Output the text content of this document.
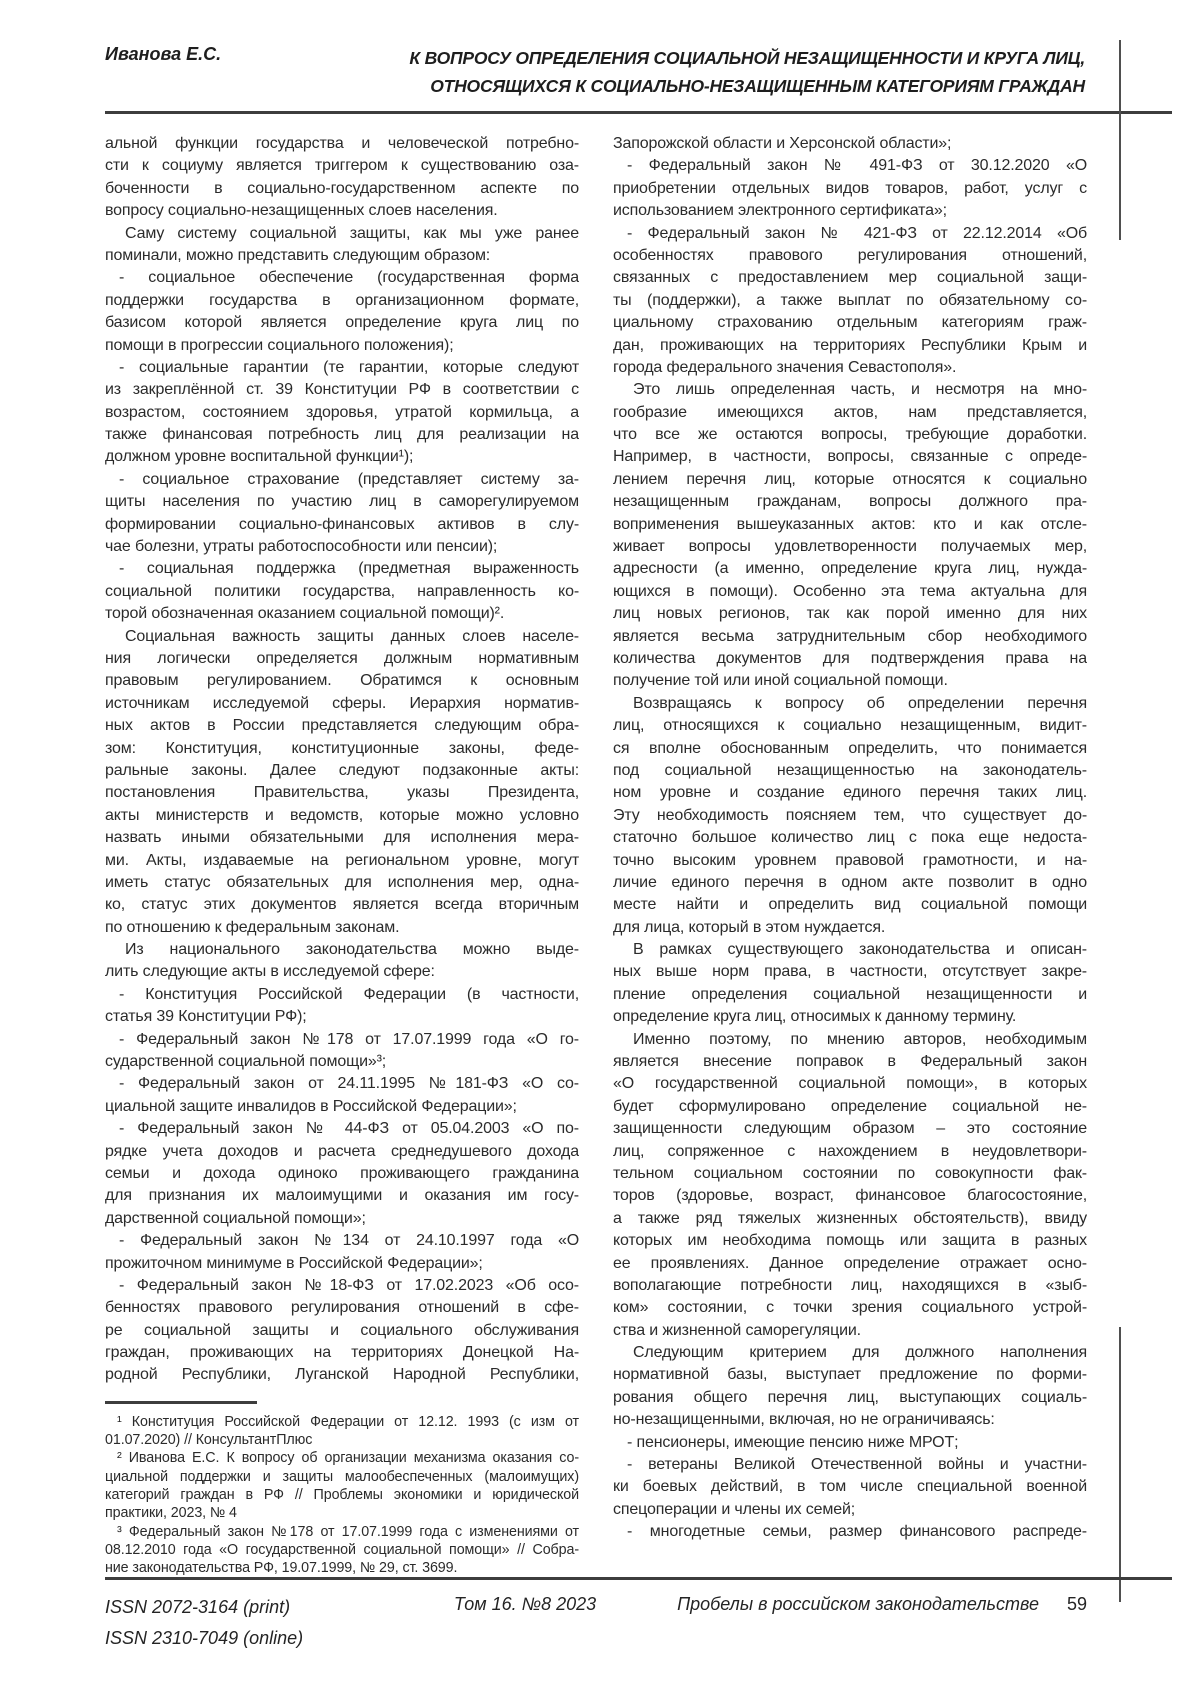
Иванова Е.С.	К ВОПРОСУ ОПРЕДЕЛЕНИЯ СОЦИАЛЬНОЙ НЕЗАЩИЩЕННОСТИ И КРУГА ЛИЦ,
ОТНОСЯЩИХСЯ К СОЦИАЛЬНО-НЕЗАЩИЩЕННЫМ КАТЕГОРИЯМ ГРАЖДАН
альной функции государства и человеческой потребно-
сти к социуму является триггером к существованию оза-
боченности в социально-государственном аспекте по
вопросу социально-незащищенных слоев населения.
Саму систему социальной защиты, как мы уже ранее
поминали, можно представить следующим образом:
- социальное обеспечение (государственная форма
поддержки государства в организационном формате,
базисом которой является определение круга лиц по
помощи в прогрессии социального положения);
- социальные гарантии (те гарантии, которые следуют
из закреплённой ст. 39 Конституции РФ в соответствии с
возрастом, состоянием здоровья, утратой кормильца, а
также финансовая потребность лиц для реализации на
должном уровне воспитальной функции¹);
- социальное страхование (представляет систему за-
щиты населения по участию лиц в саморегулируемом
формировании социально-финансовых активов в слу-
чае болезни, утраты работоспособности или пенсии);
- социальная поддержка (предметная выраженность
социальной политики государства, направленность ко-
торой обозначенная оказанием социальной помощи)².
Социальная важность защиты данных слоев населе-
ния логически определяется должным нормативным
правовым регулированием. Обратимся к основным
источникам исследуемой сферы. Иерархия норматив-
ных актов в России представляется следующим обра-
зом: Конституция, конституционные законы, феде-
ральные законы. Далее следуют подзаконные акты:
постановления Правительства, указы Президента,
акты министерств и ведомств, которые можно условно
назвать иными обязательными для исполнения мера-
ми. Акты, издаваемые на региональном уровне, могут
иметь статус обязательных для исполнения мер, одна-
ко, статус этих документов является всегда вторичным
по отношению к федеральным законам.
Из национального законодательства можно выде-
лить следующие акты в исследуемой сфере:
- Конституция Российской Федерации (в частности,
статья 39 Конституции РФ);
- Федеральный закон №178 от 17.07.1999 года «О го-
сударственной социальной помощи»³;
- Федеральный закон от 24.11.1995 №181-ФЗ «О со-
циальной защите инвалидов в Российской Федерации»;
- Федеральный закон № 44-ФЗ от 05.04.2003 «О по-
рядке учета доходов и расчета среднедушевого дохода
семьи и дохода одиноко проживающего гражданина
для признания их малоимущими и оказания им госу-
дарственной социальной помощи»;
- Федеральный закон №134 от 24.10.1997 года «О
прожиточном минимуме в Российской Федерации»;
- Федеральный закон №18-ФЗ от 17.02.2023 «Об осо-
бенностях правового регулирования отношений в сфе-
ре социальной защиты и социального обслуживания
граждан, проживающих на территориях Донецкой На-
родной Республики, Луганской Народной Республики,
¹ Конституция Российской Федерации от 12.12. 1993 (с изм от
01.07.2020) // КонсультантПлюс
² Иванова Е.С. К вопросу об организации механизма оказания со-
циальной поддержки и защиты малообеспеченных (малоимущих)
категорий граждан в РФ // Проблемы экономики и юридической
практики, 2023, № 4
³ Федеральный закон №178 от 17.07.1999 года с изменениями от
08.12.2010 года «О государственной социальной помощи» // Собра-
ние законодательства РФ, 19.07.1999, № 29, ст. 3699.
Запорожской области и Херсонской области»;
- Федеральный закон № 491-ФЗ от 30.12.2020 «О
приобретении отдельных видов товаров, работ, услуг с
использованием электронного сертификата»;
- Федеральный закон № 421-ФЗ от 22.12.2014 «Об
особенностях правового регулирования отношений,
связанных с предоставлением мер социальной защи-
ты (поддержки), а также выплат по обязательному со-
циальному страхованию отдельным категориям граж-
дан, проживающих на территориях Республики Крым и
города федерального значения Севастополя».
Это лишь определенная часть, и несмотря на мно-
гообразие имеющихся актов, нам представляется,
что все же остаются вопросы, требующие доработки.
Например, в частности, вопросы, связанные с опреде-
лением перечня лиц, которые относятся к социально
незащищенным гражданам, вопросы должного пра-
воприменения вышеуказанных актов: кто и как отсле-
живает вопросы удовлетворенности получаемых мер,
адресности (а именно, определение круга лиц, нужда-
ющихся в помощи). Особенно эта тема актуальна для
лиц новых регионов, так как порой именно для них
является весьма затруднительным сбор необходимого
количества документов для подтверждения права на
получение той или иной социальной помощи.
Возвращаясь к вопросу об определении перечня
лиц, относящихся к социально незащищенным, видит-
ся вполне обоснованным определить, что понимается
под социальной незащищенностью на законодатель-
ном уровне и создание единого перечня таких лиц.
Эту необходимость поясняем тем, что существует до-
статочно большое количество лиц с пока еще недоста-
точно высоким уровнем правовой грамотности, и на-
личие единого перечня в одном акте позволит в одно
месте найти и определить вид социальной помощи
для лица, который в этом нуждается.
В рамках существующего законодательства и описан-
ных выше норм права, в частности, отсутствует закре-
пление определения социальной незащищенности и
определение круга лиц, относимых к данному термину.
Именно поэтому, по мнению авторов, необходимым
является внесение поправок в Федеральный закон
«О государственной социальной помощи», в которых
будет сформулировано определение социальной не-
защищенности следующим образом – это состояние
лиц, сопряженное с нахождением в неудовлетвори-
тельном социальном состоянии по совокупности фак-
торов (здоровье, возраст, финансовое благосостояние,
а также ряд тяжелых жизненных обстоятельств), ввиду
которых им необходима помощь или защита в разных
ее проявлениях. Данное определение отражает осно-
вополагающие потребности лиц, находящихся в «зыб-
ком» состоянии, с точки зрения социального устрой-
ства и жизненной саморегуляции.
Следующим критерием для должного наполнения
нормативной базы, выступает предложение по форми-
рования общего перечня лиц, выступающих социаль-
но-незащищенными, включая, но не ограничиваясь:
- пенсионеры, имеющие пенсию ниже МРОТ;
- ветераны Великой Отечественной войны и участни-
ки боевых действий, в том числе специальной военной
спецоперации и члены их семей;
- многодетные семьи, размер финансового распреде-
ISSN 2072-3164 (print)
ISSN 2310-7049 (online)
Том 16. №8 2023	Пробелы в российском законодательстве 59
